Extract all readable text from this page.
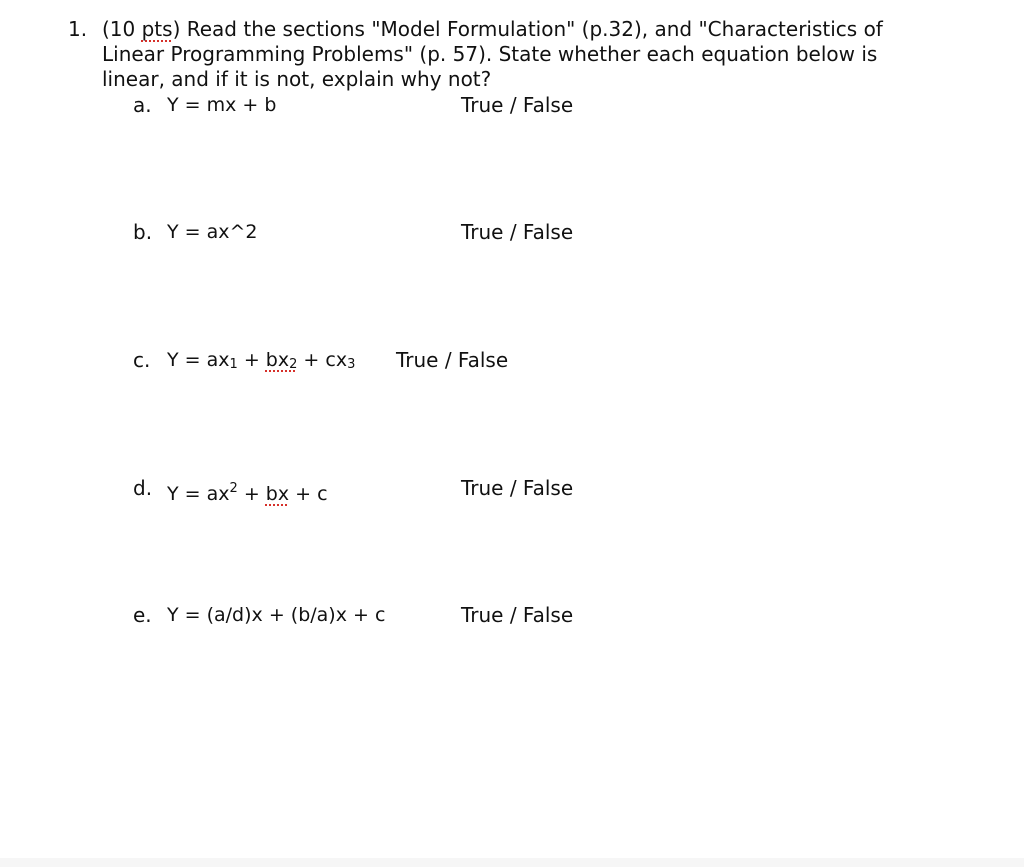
1. (10 pts) Read the sections "Model Formulation" (p.32), and "Characteristics of
Linear Programming Problems" (p. 57). State whether each equation below is
linear, and if it is not, explain why not?
a. Y = mx + b	True / False
b. Y = ax^2	True / False
c. $Y = ax_1 + bx_2 + cx_3$ True / False
d. $Y = ax^2$ + bx + c	True / False
e. Y = (a/d)x + (b/a)x + c	True / False
